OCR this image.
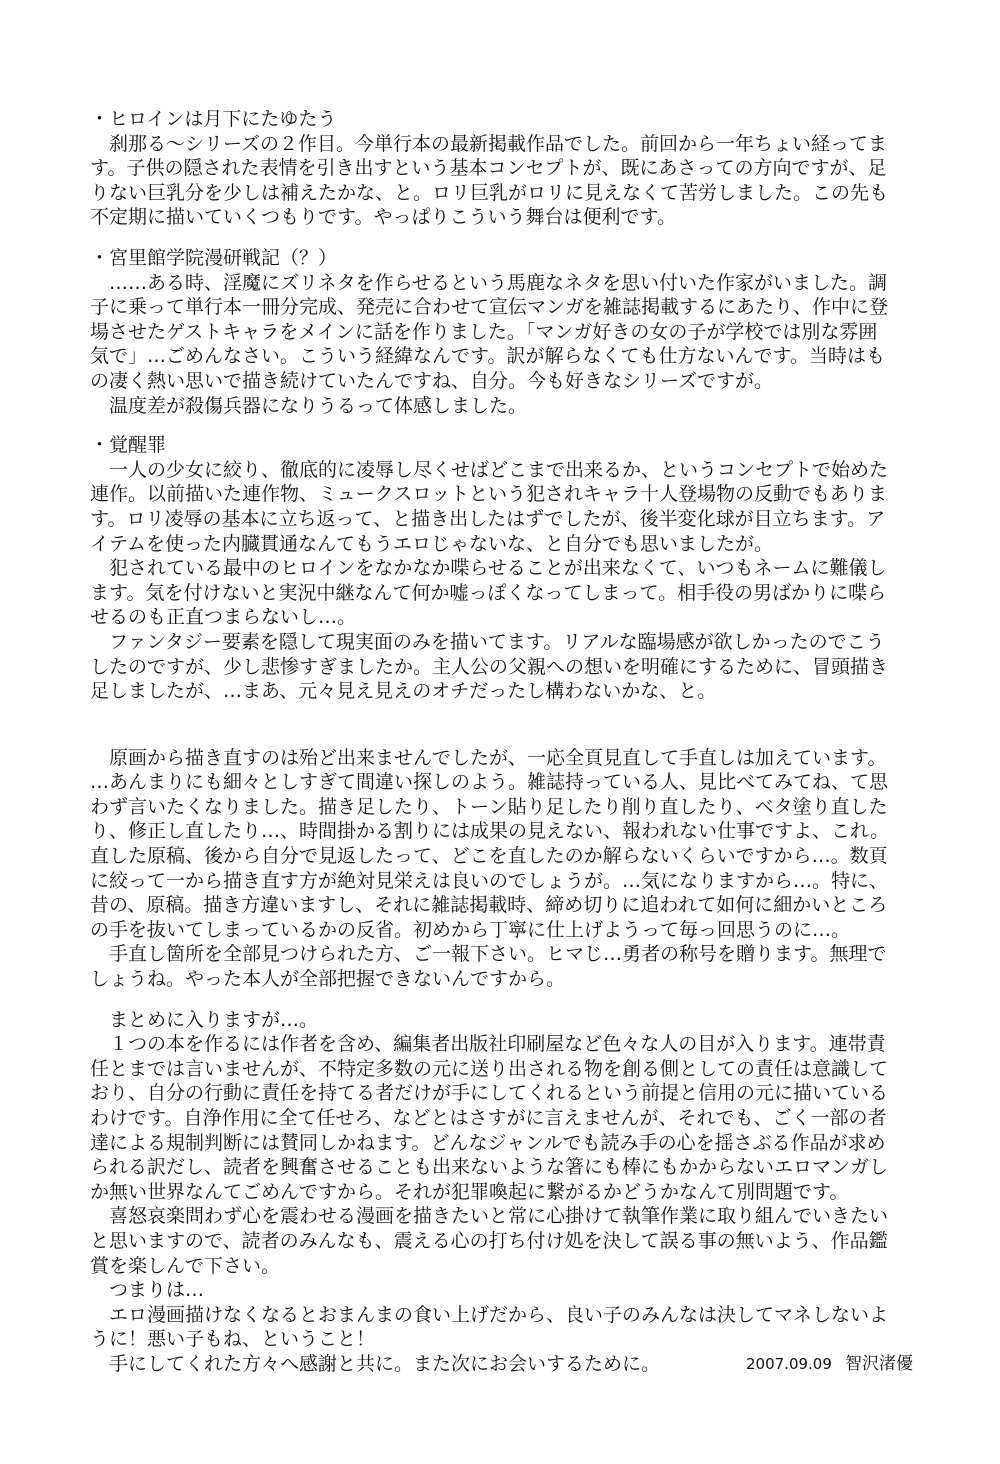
・ヒロインは月下にたゆたう
　刹那る～シリーズの２作目。今単行本の最新掲載作品でした。前回から一年ちょい経ってま
す。子供の隠された表情を引き出すという基本コンセプトが、既にあさっての方向ですが、足
りない巨乳分を少しは補えたかな、と。ロリ巨乳がロリに見えなくて苦労しました。この先も
不定期に描いていくつもりです。やっぱりこういう舞台は便利です。
・宮里館学院漫研戦記（？）
　……ある時、淫魔にズリネタを作らせるという馬鹿なネタを思い付いた作家がいました。調
子に乗って単行本一冊分完成、発売に合わせて宣伝マンガを雑誌掲載するにあたり、作中に登
場させたゲストキャラをメインに話を作りました。「マンガ好きの女の子が学校では別な雰囲
気で」…ごめんなさい。こういう経緯なんです。訳が解らなくても仕方ないんです。当時はも
の凄く熱い思いで描き続けていたんですね、自分。今も好きなシリーズですが。
　温度差が殺傷兵器になりうるって体感しました。
・覚醒罪
　一人の少女に絞り、徹底的に凌辱し尽くせばどこまで出来るか、というコンセプトで始めた
連作。以前描いた連作物、ミュークスロットという犯されキャラ十人登場物の反動でもありま
す。ロリ凌辱の基本に立ち返って、と描き出したはずでしたが、後半変化球が目立ちます。ア
イテムを使った内臓貫通なんてもうエロじゃないな、と自分でも思いましたが。
　犯されている最中のヒロインをなかなか喋らせることが出来なくて、いつもネームに難儀し
ます。気を付けないと実況中継なんて何か嘘っぽくなってしまって。相手役の男ばかりに喋ら
せるのも正直つまらないし…。
　ファンタジー要素を隠して現実面のみを描いてます。リアルな臨場感が欲しかったのでこう
したのですが、少し悲惨すぎましたか。主人公の父親への想いを明確にするために、冒頭描き
足しましたが、…まあ、元々見え見えのオチだったし構わないかな、と。
　原画から描き直すのは殆ど出来ませんでしたが、一応全頁見直して手直しは加えています。
…あんまりにも細々としすぎて間違い探しのよう。雑誌持っている人、見比べてみてね、て思
わず言いたくなりました。描き足したり、トーン貼り足したり削り直したり、ベタ塗り直した
り、修正し直したり…、時間掛かる割りには成果の見えない、報われない仕事ですよ、これ。
直した原稿、後から自分で見返したって、どこを直したのか解らないくらいですから…。数頁
に絞って一から描き直す方が絶対見栄えは良いのでしょうが。…気になりますから…。特に、
昔の、原稿。描き方違いますし、それに雑誌掲載時、締め切りに追われて如何に細かいところ
の手を抜いてしまっているかの反省。初めから丁寧に仕上げようって毎っ回思うのに…。
　手直し箇所を全部見つけられた方、ご一報下さい。ヒマじ…勇者の称号を贈ります。無理で
しょうね。やった本人が全部把握できないんですから。
　まとめに入りますが…。
　１つの本を作るには作者を含め、編集者出版社印刷屋など色々な人の目が入ります。連帯責
任とまでは言いませんが、不特定多数の元に送り出される物を創る側としての責任は意識して
おり、自分の行動に責任を持てる者だけが手にしてくれるという前提と信用の元に描いている
わけです。自浄作用に全て任せろ、などとはさすがに言えませんが、それでも、ごく一部の者
達による規制判断には賛同しかねます。どんなジャンルでも読み手の心を揺さぶる作品が求め
られる訳だし、読者を興奮させることも出来ないような箸にも棒にもかからないエロマンガし
か無い世界なんてごめんですから。それが犯罪喚起に繋がるかどうかなんて別問題です。
　喜怒哀楽問わず心を震わせる漫画を描きたいと常に心掛けて執筆作業に取り組んでいきたい
と思いますので、読者のみんなも、震える心の打ち付け処を決して誤る事の無いよう、作品鑑
賞を楽しんで下さい。
　つまりは…
　エロ漫画描けなくなるとおまんまの食い上げだから、良い子のみんなは決してマネしないよ
うに！悪い子もね、ということ！
　手にしてくれた方々へ感謝と共に。また次にお会いするために。	2007.09.09 智沢渚優
